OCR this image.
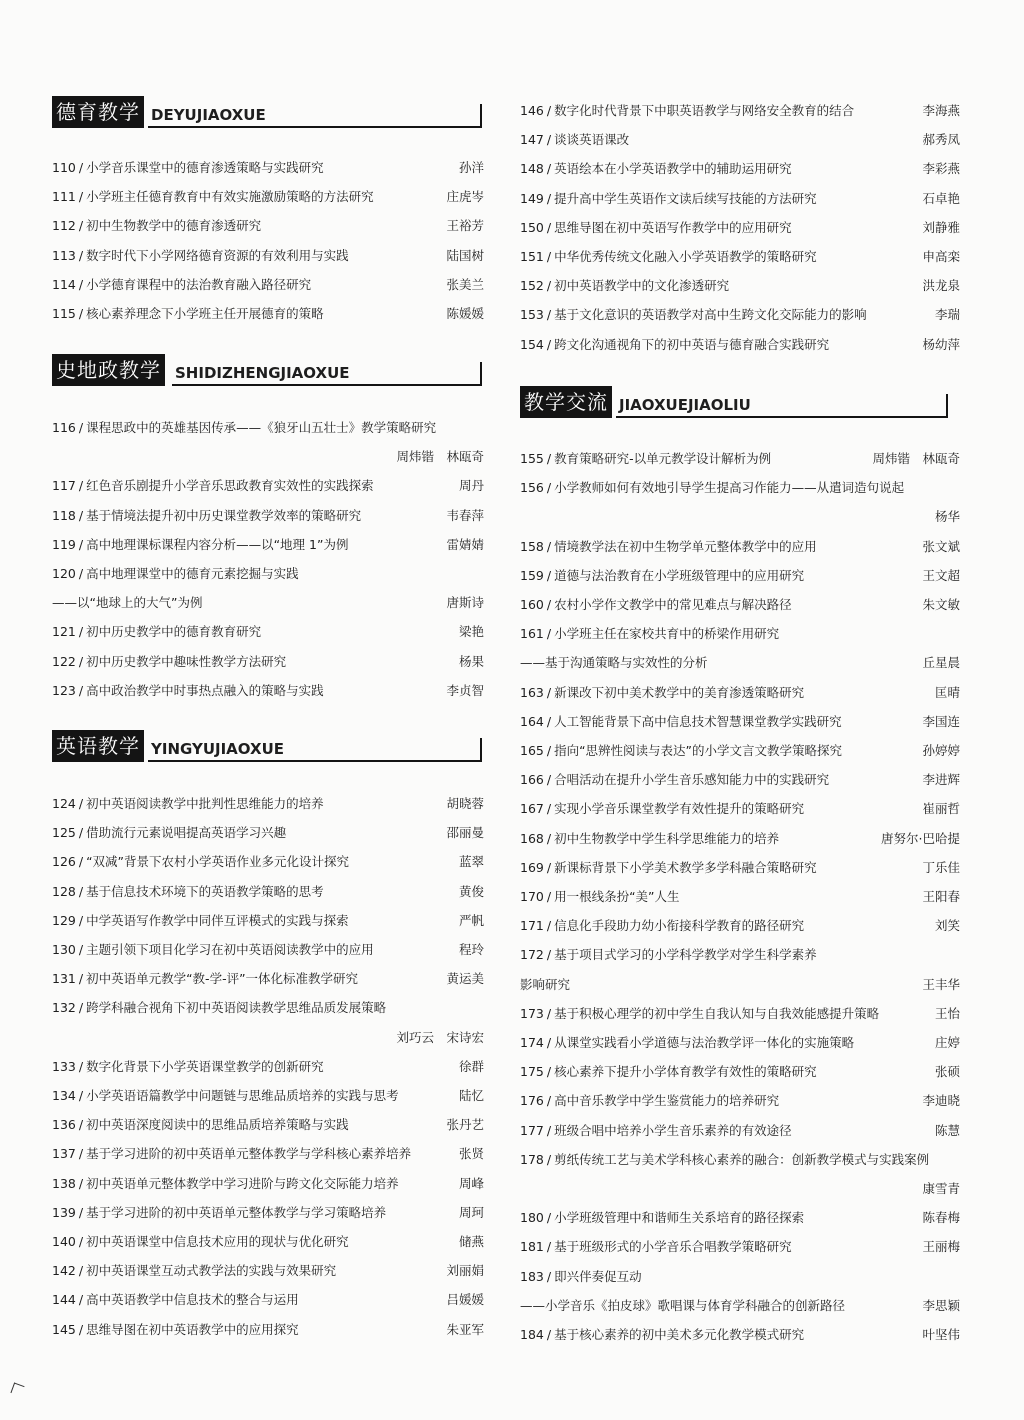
德育教学 DEYUJIAOXUE
110 / 小学音乐课堂中的德育渗透策略与实践研究	孙洋
111 / 小学班主任德育教育中有效实施激励策略的方法研究	庄虎岑
112 / 初中生物教学中的德育渗透研究	王裕芳
113 / 数字时代下小学网络德育资源的有效利用与实践	陆国树
114 / 小学德育课程中的法治教育融入路径研究	张美兰
115 / 核心素养理念下小学班主任开展德育的策略	陈媛媛
史地政教学 SHIDIZHENGJIAOXUE
116 / 课程思政中的英雄基因传承——《狼牙山五壮士》教学策略研究
周炜锴　林瓯奇
117 / 红色音乐剧提升小学音乐思政教育实效性的实践探索	周丹
118 / 基于情境法提升初中历史课堂教学效率的策略研究	韦春萍
119 / 高中地理课标课程内容分析——以“地理 1”为例	雷婧婧
120 / 高中地理课堂中的德育元素挖掘与实践
——以“地球上的大气”为例	唐斯诗
121 / 初中历史教学中的德育教育研究	梁艳
122 / 初中历史教学中趣味性教学方法研究	杨果
123 / 高中政治教学中时事热点融入的策略与实践	李贞智
英语教学 YINGYUJIAOXUE
124 / 初中英语阅读教学中批判性思维能力的培养	胡晓蓉
125 / 借助流行元素说唱提高英语学习兴趣	邵丽曼
126 / “双减”背景下农村小学英语作业多元化设计探究	蓝翠
128 / 基于信息技术环境下的英语教学策略的思考	黄俊
129 / 中学英语写作教学中同伴互评模式的实践与探索	严帆
130 / 主题引领下项目化学习在初中英语阅读教学中的应用	程玲
131 / 初中英语单元教学“教-学-评”一体化标准教学研究	黄运美
132 / 跨学科融合视角下初中英语阅读教学思维品质发展策略
刘巧云　宋诗宏
133 / 数字化背景下小学英语课堂教学的创新研究	徐群
134 / 小学英语语篇教学中问题链与思维品质培养的实践与思考	陆忆
136 / 初中英语深度阅读中的思维品质培养策略与实践	张丹艺
137 / 基于学习进阶的初中英语单元整体教学与学科核心素养培养	张贤
138 / 初中英语单元整体教学中学习进阶与跨文化交际能力培养	周峰
139 / 基于学习进阶的初中英语单元整体教学与学习策略培养	周珂
140 / 初中英语课堂中信息技术应用的现状与优化研究	储燕
142 / 初中英语课堂互动式教学法的实践与效果研究	刘丽娟
144 / 高中英语教学中信息技术的整合与运用	吕媛媛
145 / 思维导图在初中英语教学中的应用探究	朱亚军
146 / 数字化时代背景下中职英语教学与网络安全教育的结合	李海燕
147 / 谈谈英语课改	郝秀凤
148 / 英语绘本在小学英语教学中的辅助运用研究	李彩燕
149 / 提升高中学生英语作文读后续写技能的方法研究	石卓艳
150 / 思维导图在初中英语写作教学中的应用研究	刘静雅
151 / 中华优秀传统文化融入小学英语教学的策略研究	申高栾
152 / 初中英语教学中的文化渗透研究	洪龙泉
153 / 基于文化意识的英语教学对高中生跨文化交际能力的影响	李瑞
154 / 跨文化沟通视角下的初中英语与德育融合实践研究	杨幼萍
教学交流 JIAOXUEJIAOLIU
155 / 教育策略研究-以单元教学设计解析为例	周炜锴　林瓯奇
156 / 小学教师如何有效地引导学生提高习作能力——从遣词造句说起
杨华
158 / 情境教学法在初中生物学单元整体教学中的应用	张文斌
159 / 道德与法治教育在小学班级管理中的应用研究	王文超
160 / 农村小学作文教学中的常见难点与解决路径	朱文敏
161 / 小学班主任在家校共育中的桥梁作用研究
——基于沟通策略与实效性的分析	丘星晨
163 / 新课改下初中美术教学中的美育渗透策略研究	匡晴
164 / 人工智能背景下高中信息技术智慧课堂教学实践研究	李国连
165 / 指向“思辨性阅读与表达”的小学文言文教学策略探究	孙婷婷
166 / 合唱活动在提升小学生音乐感知能力中的实践研究	李进辉
167 / 实现小学音乐课堂教学有效性提升的策略研究	崔丽哲
168 / 初中生物教学中学生科学思维能力的培养	唐努尔·巴哈提
169 / 新课标背景下小学美术教学多学科融合策略研究	丁乐佳
170 / 用一根线条扮“美”人生	王阳春
171 / 信息化手段助力幼小衔接科学教育的路径研究	刘笑
172 / 基于项目式学习的小学科学教学对学生科学素养
影响研究	王丰华
173 / 基于积极心理学的初中学生自我认知与自我效能感提升策略	王怡
174 / 从课堂实践看小学道德与法治教学评一体化的实施策略	庄婷
175 / 核心素养下提升小学体育教学有效性的策略研究	张硕
176 / 高中音乐教学中学生鉴赏能力的培养研究	李迪晓
177 / 班级合唱中培养小学生音乐素养的有效途径	陈慧
178 / 剪纸传统工艺与美术学科核心素养的融合：创新教学模式与实践案例
康雪青
180 / 小学班级管理中和谐师生关系培育的路径探索	陈春梅
181 / 基于班级形式的小学音乐合唱教学策略研究	王丽梅
183 / 即兴伴奏促互动
——小学音乐《拍皮球》歌唱课与体育学科融合的创新路径	李思颖
184 / 基于核心素养的初中美术多元化教学模式研究	叶坚伟
